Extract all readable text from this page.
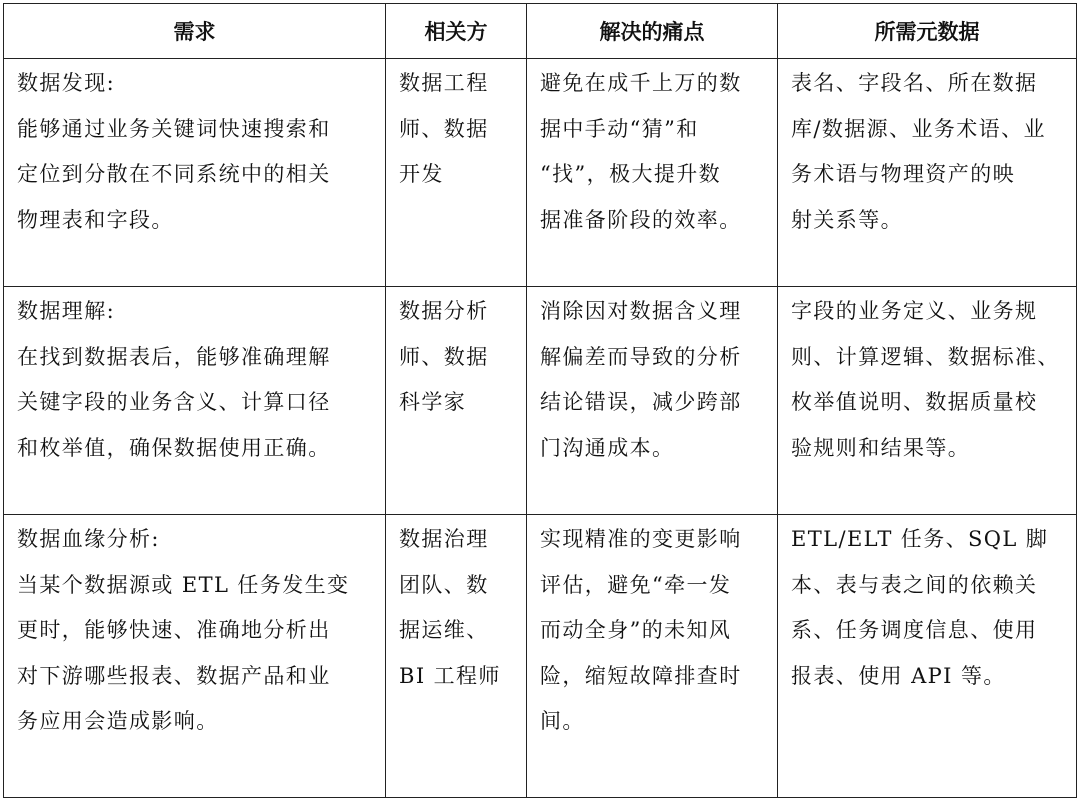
需求	相关方	解决的痛点	所需元数据

数据发现:
能够通过业务关键词快速搜索和
定位到分散在不同系统中的相关
物理表和字段。	数据工程
师、数据
开发	避免在成千上万的数
据中手动“猜”和
“找”，极大提升数
据准备阶段的效率。	表名、字段名、所在数据
库/数据源、业务术语、业
务术语与物理资产的映
射关系等。

数据理解:
在找到数据表后，能够准确理解
关键字段的业务含义、计算口径
和枚举值，确保数据使用正确。	数据分析
师、数据
科学家	消除因对数据含义理
解偏差而导致的分析
结论错误，减少跨部
门沟通成本。	字段的业务定义、业务规
则、计算逻辑、数据标准、
枚举值说明、数据质量校
验规则和结果等。

数据血缘分析:
当某个数据源或 ETL 任务发生变
更时，能够快速、准确地分析出
对下游哪些报表、数据产品和业
务应用会造成影响。	数据治理
团队、数
据运维、
BI 工程师	实现精准的变更影响
评估，避免“牵一发
而动全身”的未知风
险，缩短故障排查时
间。	ETL/ELT 任务、SQL 脚
本、表与表之间的依赖关
系、任务调度信息、使用
报表、使用 API 等。
